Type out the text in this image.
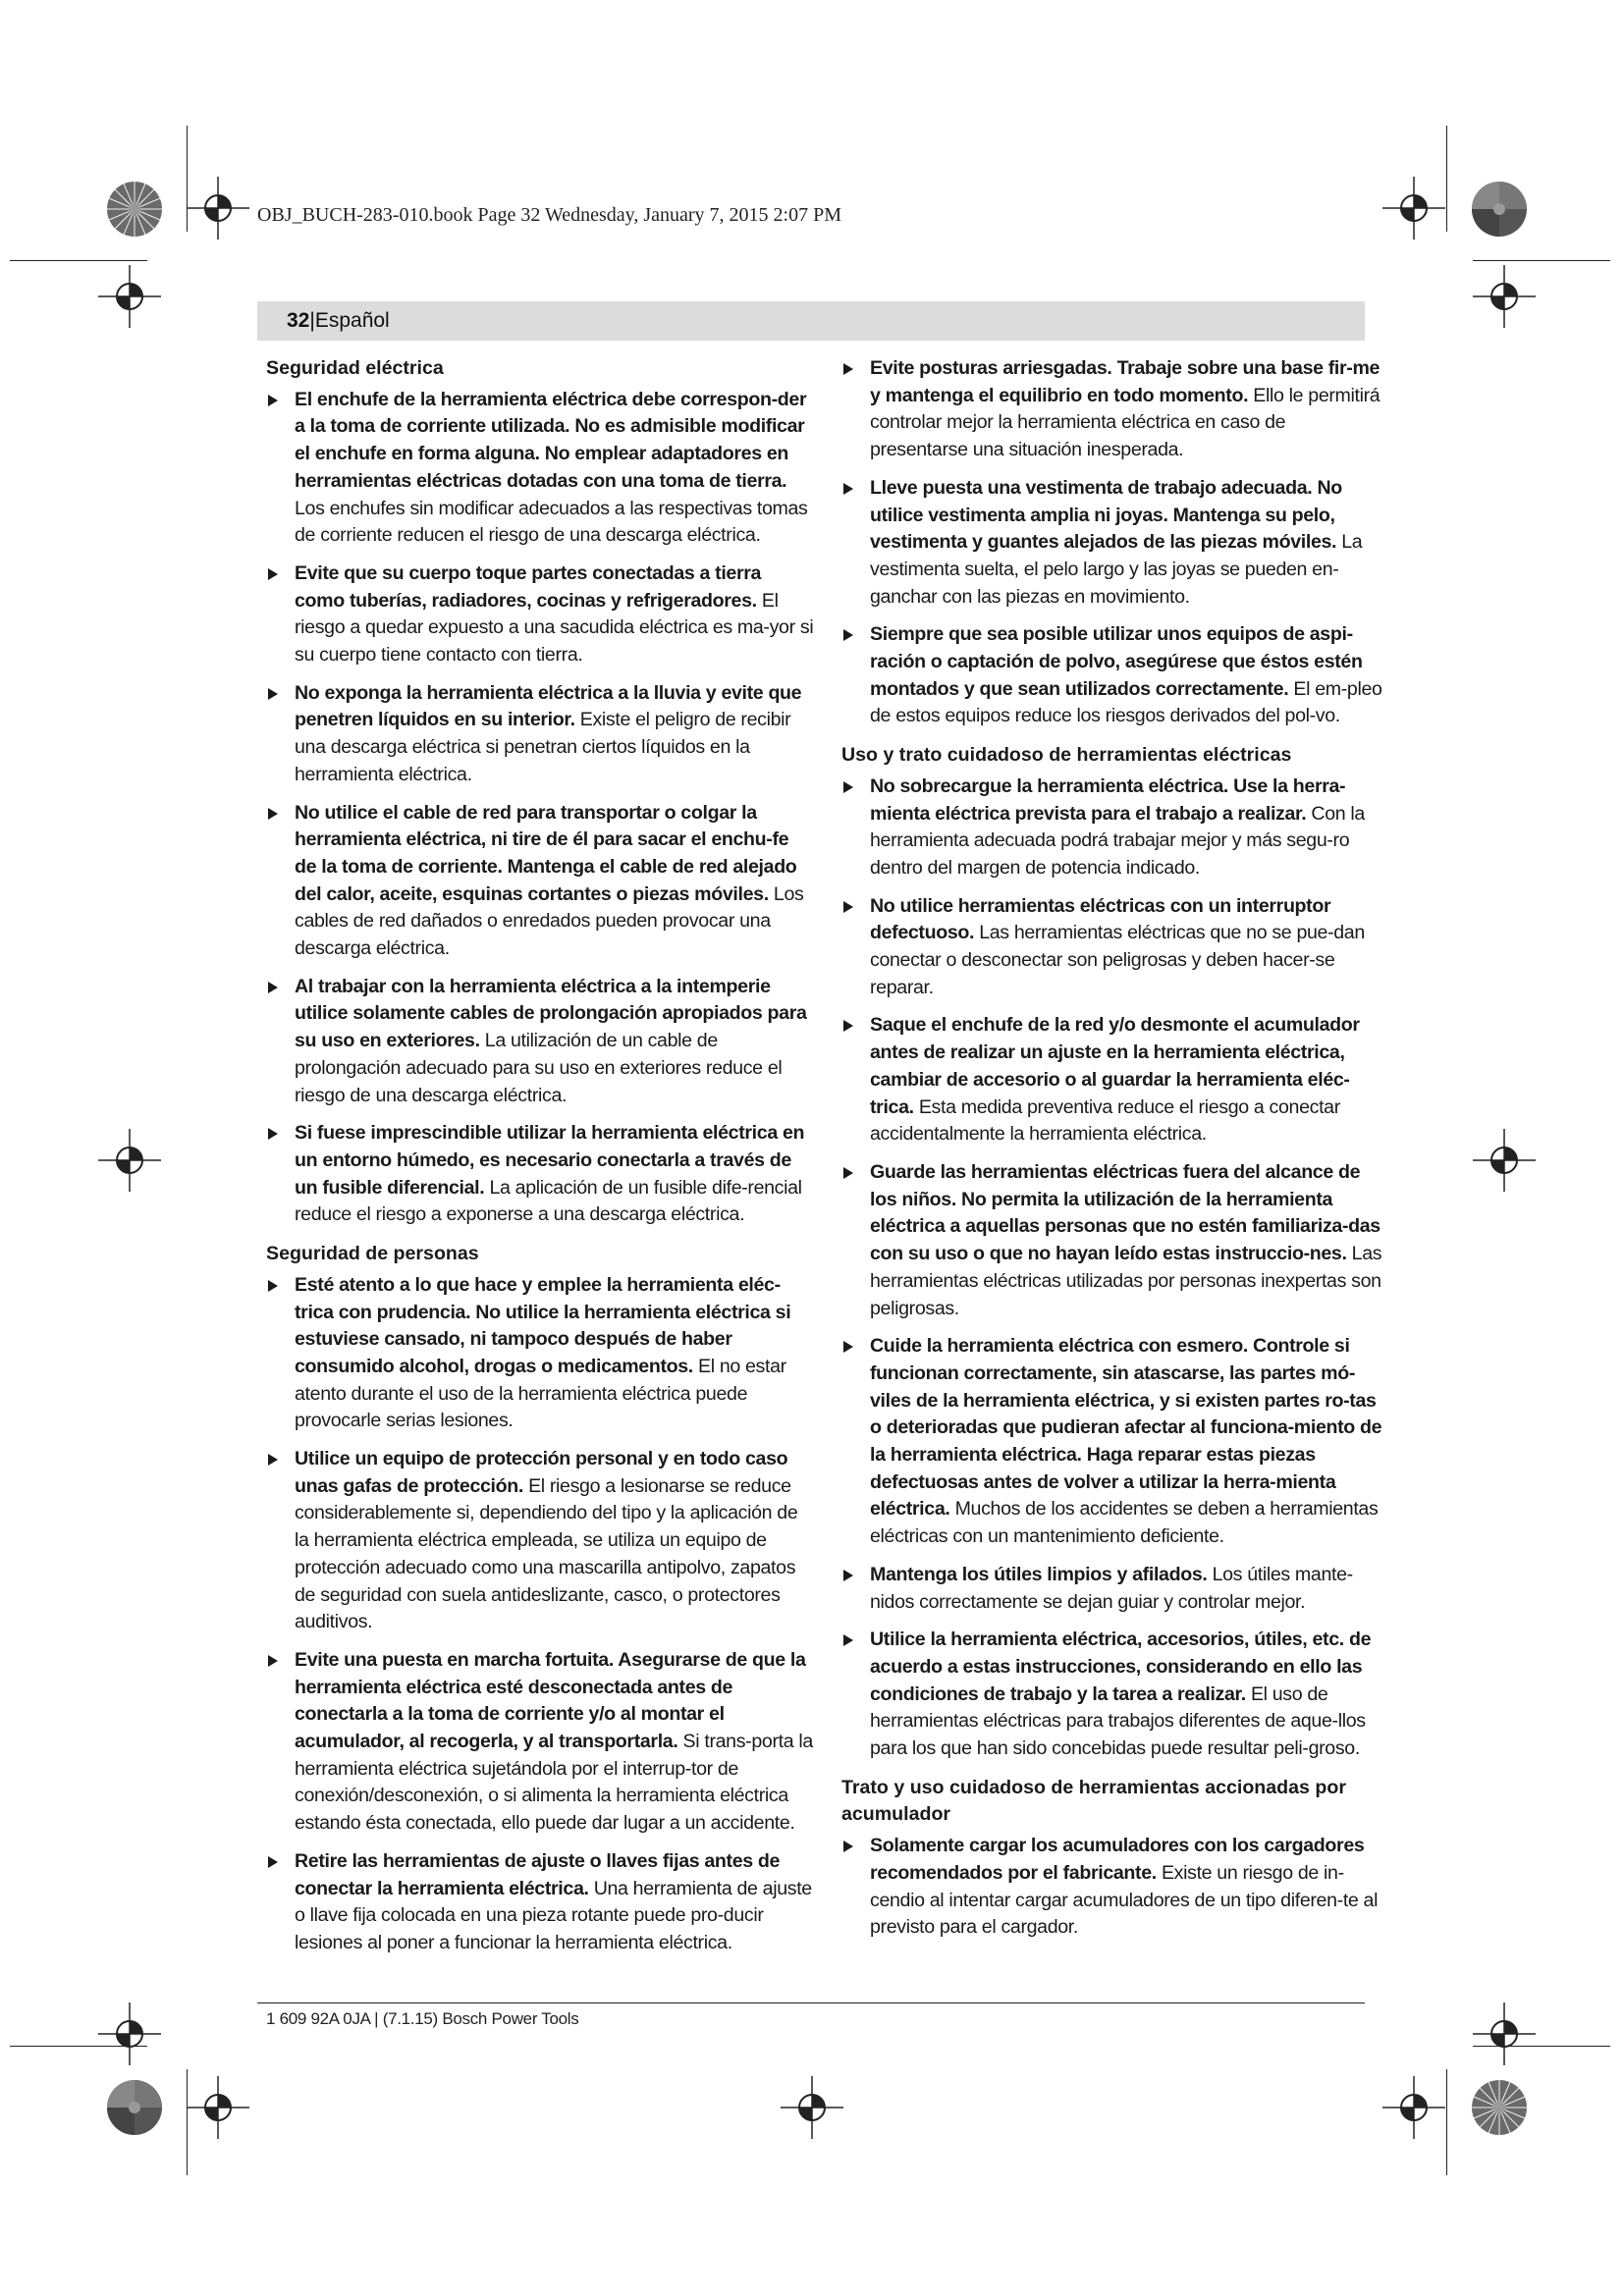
OBJ_BUCH-283-010.book Page 32 Wednesday, January 7, 2015 2:07 PM
32|Español
Seguridad eléctrica
El enchufe de la herramienta eléctrica debe correspon-der a la toma de corriente utilizada. No es admisible modificar el enchufe en forma alguna. No emplear adaptadores en herramientas eléctricas dotadas con una toma de tierra. Los enchufes sin modificar adecuados a las respectivas tomas de corriente reducen el riesgo de una descarga eléctrica.
Evite que su cuerpo toque partes conectadas a tierra como tuberías, radiadores, cocinas y refrigeradores. El riesgo a quedar expuesto a una sacudida eléctrica es ma-yor si su cuerpo tiene contacto con tierra.
No exponga la herramienta eléctrica a la lluvia y evite que penetren líquidos en su interior. Existe el peligro de recibir una descarga eléctrica si penetran ciertos líquidos en la herramienta eléctrica.
No utilice el cable de red para transportar o colgar la herramienta eléctrica, ni tire de él para sacar el enchu-fe de la toma de corriente. Mantenga el cable de red alejado del calor, aceite, esquinas cortantes o piezas móviles. Los cables de red dañados o enredados pueden provocar una descarga eléctrica.
Al trabajar con la herramienta eléctrica a la intemperie utilice solamente cables de prolongación apropiados para su uso en exteriores. La utilización de un cable de prolongación adecuado para su uso en exteriores reduce el riesgo de una descarga eléctrica.
Si fuese imprescindible utilizar la herramienta eléctrica en un entorno húmedo, es necesario conectarla a través de un fusible diferencial. La aplicación de un fusible dife-rencial reduce el riesgo a exponerse a una descarga eléctrica.
Seguridad de personas
Esté atento a lo que hace y emplee la herramienta eléc-trica con prudencia. No utilice la herramienta eléctrica si estuviese cansado, ni tampoco después de haber consumido alcohol, drogas o medicamentos. El no estar atento durante el uso de la herramienta eléctrica puede provocarle serias lesiones.
Utilice un equipo de protección personal y en todo caso unas gafas de protección. El riesgo a lesionarse se reduce considerablemente si, dependiendo del tipo y la aplicación de la herramienta eléctrica empleada, se utiliza un equipo de protección adecuado como una mascarilla antipolvo, zapatos de seguridad con suela antideslizante, casco, o protectores auditivos.
Evite una puesta en marcha fortuita. Asegurarse de que la herramienta eléctrica esté desconectada antes de conectarla a la toma de corriente y/o al montar el acumulador, al recogerla, y al transportarla. Si trans-porta la herramienta eléctrica sujetándola por el interrup-tor de conexión/desconexión, o si alimenta la herramienta eléctrica estando ésta conectada, ello puede dar lugar a un accidente.
Retire las herramientas de ajuste o llaves fijas antes de conectar la herramienta eléctrica. Una herramienta de ajuste o llave fija colocada en una pieza rotante puede pro-ducir lesiones al poner a funcionar la herramienta eléctrica.
Evite posturas arriesgadas. Trabaje sobre una base fir-me y mantenga el equilibrio en todo momento. Ello le permitirá controlar mejor la herramienta eléctrica en caso de presentarse una situación inesperada.
Lleve puesta una vestimenta de trabajo adecuada. No utilice vestimenta amplia ni joyas. Mantenga su pelo, vestimenta y guantes alejados de las piezas móviles. La vestimenta suelta, el pelo largo y las joyas se pueden en-ganchar con las piezas en movimiento.
Siempre que sea posible utilizar unos equipos de aspi-ración o captación de polvo, asegúrese que éstos estén montados y que sean utilizados correctamente. El em-pleo de estos equipos reduce los riesgos derivados del pol-vo.
Uso y trato cuidadoso de herramientas eléctricas
No sobrecargue la herramienta eléctrica. Use la herra-mienta eléctrica prevista para el trabajo a realizar. Con la herramienta adecuada podrá trabajar mejor y más segu-ro dentro del margen de potencia indicado.
No utilice herramientas eléctricas con un interruptor defectuoso. Las herramientas eléctricas que no se pue-dan conectar o desconectar son peligrosas y deben hacer-se reparar.
Saque el enchufe de la red y/o desmonte el acumulador antes de realizar un ajuste en la herramienta eléctrica, cambiar de accesorio o al guardar la herramienta eléc-trica. Esta medida preventiva reduce el riesgo a conectar accidentalmente la herramienta eléctrica.
Guarde las herramientas eléctricas fuera del alcance de los niños. No permita la utilización de la herramienta eléctrica a aquellas personas que no estén familiariza-das con su uso o que no hayan leído estas instruccio-nes. Las herramientas eléctricas utilizadas por personas inexpertas son peligrosas.
Cuide la herramienta eléctrica con esmero. Controle si funcionan correctamente, sin atascarse, las partes mó-viles de la herramienta eléctrica, y si existen partes ro-tas o deterioradas que pudieran afectar al funciona-miento de la herramienta eléctrica. Haga reparar estas piezas defectuosas antes de volver a utilizar la herra-mienta eléctrica. Muchos de los accidentes se deben a herramientas eléctricas con un mantenimiento deficiente.
Mantenga los útiles limpios y afilados. Los útiles mante-nidos correctamente se dejan guiar y controlar mejor.
Utilice la herramienta eléctrica, accesorios, útiles, etc. de acuerdo a estas instrucciones, considerando en ello las condiciones de trabajo y la tarea a realizar. El uso de herramientas eléctricas para trabajos diferentes de aque-llos para los que han sido concebidas puede resultar peli-groso.
Trato y uso cuidadoso de herramientas accionadas por acumulador
Solamente cargar los acumuladores con los cargadores recomendados por el fabricante. Existe un riesgo de in-cendio al intentar cargar acumuladores de un tipo diferen-te al previsto para el cargador.
1 609 92A 0JA | (7.1.15) Bosch Power Tools
